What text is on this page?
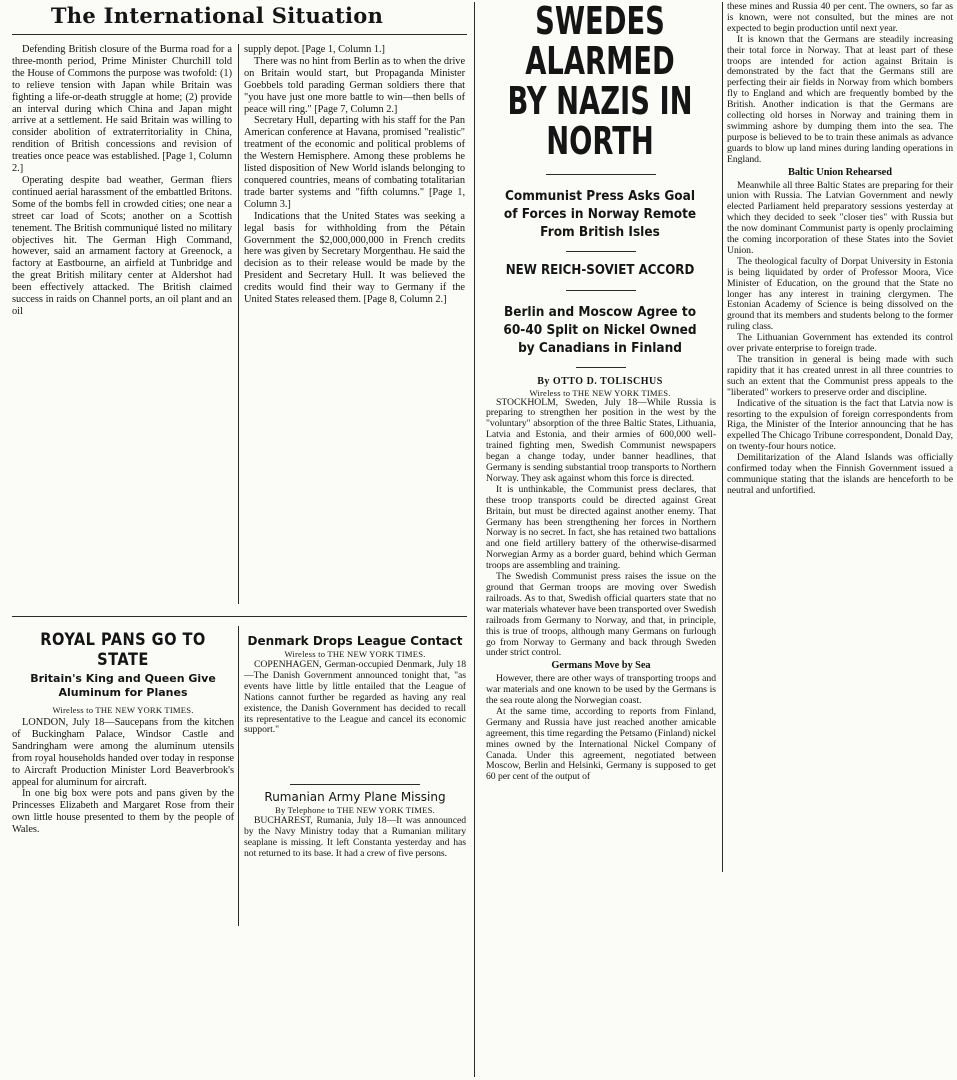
The International Situation

Defending British closure of the Burma road for a three-month period, Prime Minister Churchill told the House of Commons the purpose was twofold: (1) to relieve tension with Japan while Britain was fighting a life-or-death struggle at home; (2) provide an interval during which China and Japan might arrive at a settlement. He said Britain was willing to consider abolition of extraterritoriality in China, rendition of British concessions and revision of treaties once peace was established. [Page 1, Column 2.]

Operating despite bad weather, German fliers continued aerial harassment of the embattled Britons. Some of the bombs fell in crowded cities; one near a street car load of Scots; another on a Scottish tenement. The British communiqué listed no military objectives hit. The German High Command, however, said an armament factory at Greenock, a factory at Eastbourne, an airfield at Tunbridge and the great British military center at Aldershot had been effectively attacked. The British claimed success in raids on Channel ports, an oil plant and an oil

supply depot. [Page 1, Column 1.]

There was no hint from Berlin as to when the drive on Britain would start, but Propaganda Minister Goebbels told parading German soldiers there that "you have just one more battle to win—then bells of peace will ring." [Page 7, Column 2.]

Secretary Hull, departing with his staff for the Pan American conference at Havana, promised "realistic" treatment of the economic and political problems of the Western Hemisphere. Among these problems he listed disposition of New World islands belonging to conquered countries, means of combating totalitarian trade barter systems and "fifth columns." [Page 1, Column 3.]

Indications that the United States was seeking a legal basis for withholding from the Pétain Government the $2,000,000,000 in French credits here was given by Secretary Morgenthau. He said the decision as to their release would be made by the President and Secretary Hull. It was believed the credits would find their way to Germany if the United States released them. [Page 8, Column 2.]

ROYAL PANS GO TO STATE
Britain's King and Queen Give Aluminum for Planes
Wireless to THE NEW YORK TIMES.

LONDON, July 18—Saucepans from the kitchen of Buckingham Palace, Windsor Castle and Sandringham were among the aluminum utensils from royal households handed over today in response to Aircraft Production Minister Lord Beaverbrook's appeal for aluminum for aircraft.

In one big box were pots and pans given by the Princesses Elizabeth and Margaret Rose from their own little house presented to them by the people of Wales.

Denmark Drops League Contact
Wireless to THE NEW YORK TIMES.

COPENHAGEN, German-occupied Denmark, July 18—The Danish Government announced tonight that, "as events have little by little entailed that the League of Nations cannot further be regarded as having any real existence, the Danish Government has decided to recall its representative to the League and cancel its economic support."

Rumanian Army Plane Missing
By Telephone to THE NEW YORK TIMES.

BUCHAREST, Rumania, July 18—It was announced by the Navy Ministry today that a Rumanian military seaplane is missing. It left Constanta yesterday and has not returned to its base. It had a crew of five persons.

SWEDES ALARMED
BY NAZIS IN NORTH
Communist Press Asks Goal of Forces in Norway Remote From British Isles
NEW REICH-SOVIET ACCORD
Berlin and Moscow Agree to 60-40 Split on Nickel Owned by Canadians in Finland
By OTTO D. TOLISCHUS
Wireless to THE NEW YORK TIMES.

STOCKHOLM, Sweden, July 18—While Russia is preparing to strengthen her position in the west by the "voluntary" absorption of the three Baltic States, Lithuania, Latvia and Estonia, and their armies of 600,000 well-trained fighting men, Swedish Communist newspapers began a change today, under banner headlines, that Germany is sending substantial troop transports to Northern Norway. They ask against whom this force is directed.

It is unthinkable, the Communist press declares, that these troop transports could be directed against Great Britain, but must be directed against another enemy. That Germany has been strengthening her forces in Northern Norway is no secret. In fact, she has retained two battalions and one field artillery battery of the otherwise-disarmed Norwegian Army as a border guard, behind which German troops are assembling and training.

The Swedish Communist press raises the issue on the ground that German troops are moving over Swedish railroads. As to that, Swedish official quarters state that no war materials whatever have been transported over Swedish railroads from Germany to Norway, and that, in principle, this is true of troops, although many Germans on furlough go from Norway to Germany and back through Sweden under strict control.

Germans Move by Sea

However, there are other ways of transporting troops and war materials and one known to be used by the Germans is the sea route along the Norwegian coast.

At the same time, according to reports from Finland, Germany and Russia have just reached another amicable agreement, this time regarding the Petsamo (Finland) nickel mines owned by the International Nickel Company of Canada. Under this agreement, negotiated between Moscow, Berlin and Helsinki, Germany is supposed to get 60 per cent of the output of

these mines and Russia 40 per cent. The owners, so far as is known, were not consulted, but the mines are not expected to begin production until next year.

It is known that the Germans are steadily increasing their total force in Norway. That at least part of these troops are intended for action against Britain is demonstrated by the fact that the Germans still are perfecting their air fields in Norway from which bombers fly to England and which are frequently bombed by the British. Another indication is that the Germans are collecting old horses in Norway and training them in swimming ashore by dumping them into the sea. The purpose is believed to be to train these animals as advance guards to blow up land mines during landing operations in England.

Baltic Union Rehearsed

Meanwhile all three Baltic States are preparing for their union with Russia. The Latvian Government and newly elected Parliament held preparatory sessions yesterday at which they decided to seek "closer ties" with Russia but the now dominant Communist party is openly proclaiming the coming incorporation of these States into the Soviet Union.

The theological faculty of Dorpat University in Estonia is being liquidated by order of Professor Moora, Vice Minister of Education, on the ground that the State no longer has any interest in training clergymen. The Estonian Academy of Science is being dissolved on the ground that its members and students belong to the former ruling class.

The Lithuanian Government has extended its control over private enterprise to foreign trade.

The transition in general is being made with such rapidity that it has created unrest in all three countries to such an extent that the Communist press appeals to the "liberated" workers to preserve order and discipline.

Indicative of the situation is the fact that Latvia now is resorting to the expulsion of foreign correspondents from Riga, the Minister of the Interior announcing that he has expelled The Chicago Tribune correspondent, Donald Day, on twenty-four hours notice.

Demilitarization of the Aland Islands was officially confirmed today when the Finnish Government issued a communique stating that the islands are henceforth to be neutral and unfortified.
